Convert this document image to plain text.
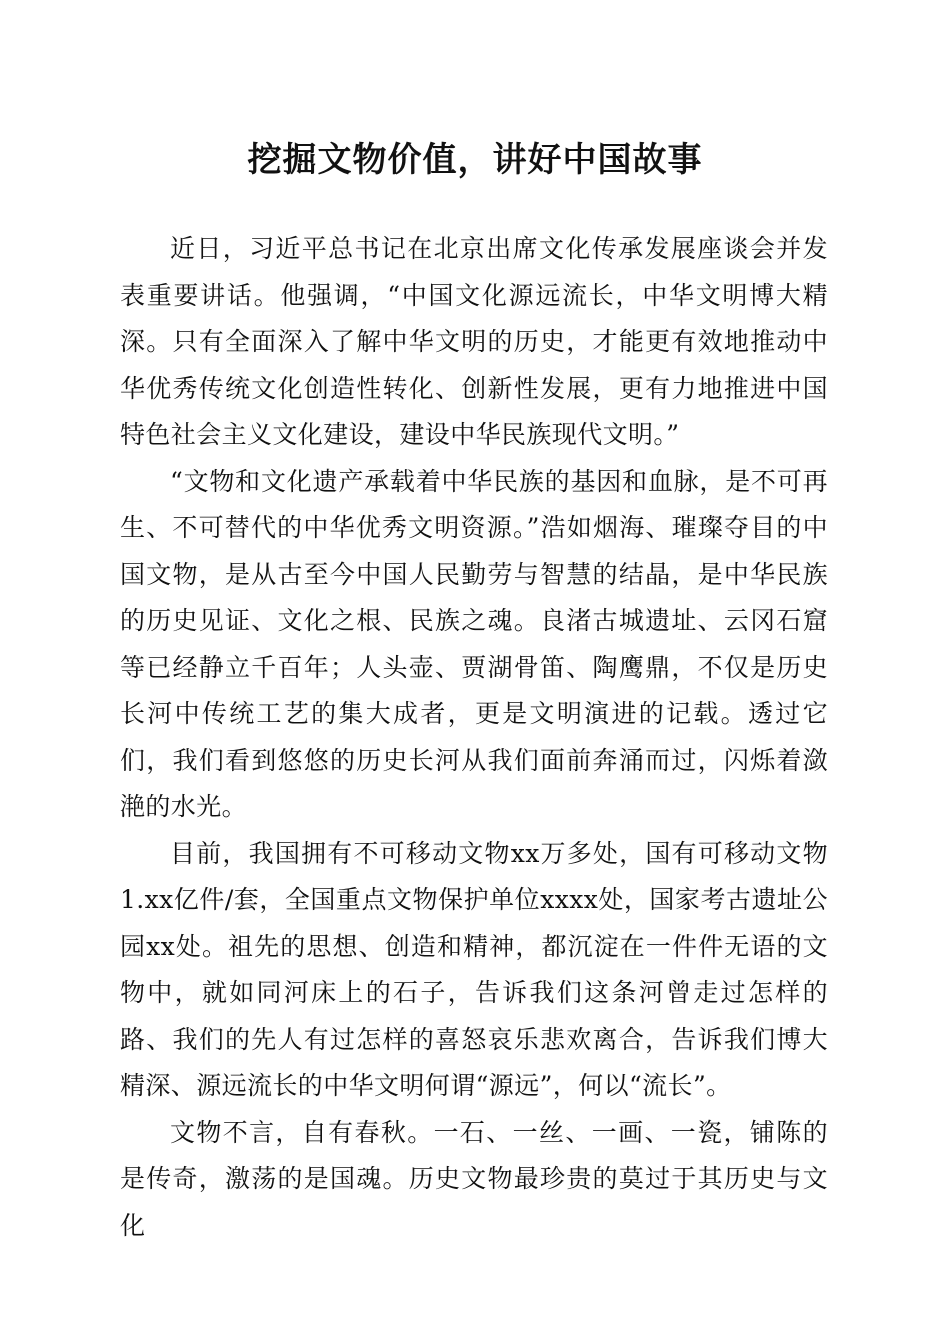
挖掘文物价值，讲好中国故事

近日，习近平总书记在北京出席文化传承发展座谈会并发表重要讲话。他强调，“中国文化源远流长，中华文明博大精深。只有全面深入了解中华文明的历史，才能更有效地推动中华优秀传统文化创造性转化、创新性发展，更有力地推进中国特色社会主义文化建设，建设中华民族现代文明。”

“文物和文化遗产承载着中华民族的基因和血脉，是不可再生、不可替代的中华优秀文明资源。”浩如烟海、璀璨夺目的中国文物，是从古至今中国人民勤劳与智慧的结晶，是中华民族的历史见证、文化之根、民族之魂。良渚古城遗址、云冈石窟等已经静立千百年；人头壶、贾湖骨笛、陶鹰鼎，不仅是历史长河中传统工艺的集大成者，更是文明演进的记载。透过它们，我们看到悠悠的历史长河从我们面前奔涌而过，闪烁着潋滟的水光。

目前，我国拥有不可移动文物xx万多处，国有可移动文物1.xx亿件/套，全国重点文物保护单位xxxx处，国家考古遗址公园xx处。祖先的思想、创造和精神，都沉淀在一件件无语的文物中，就如同河床上的石子，告诉我们这条河曾走过怎样的路、我们的先人有过怎样的喜怒哀乐悲欢离合，告诉我们博大精深、源远流长的中华文明何谓“源远”，何以“流长”。

文物不言，自有春秋。一石、一丝、一画、一瓷，铺陈的是传奇，激荡的是国魂。历史文物最珍贵的莫过于其历史与文化
